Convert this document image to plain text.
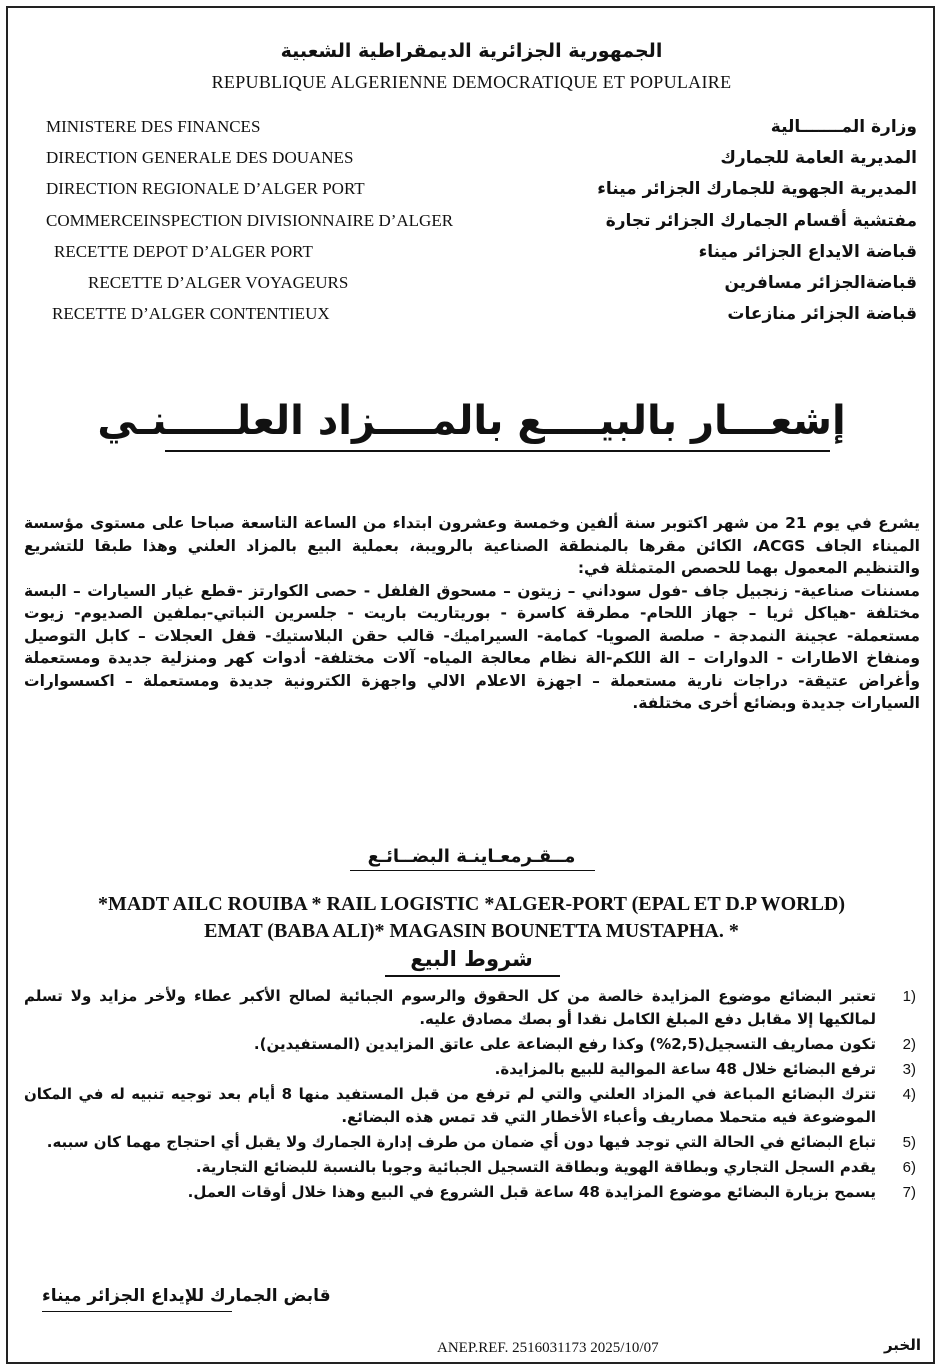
الجمهورية الجزائرية الديمقراطية الشعبية
REPUBLIQUE ALGERIENNE DEMOCRATIQUE ET POPULAIRE
MINISTERE DES FINANCES
DIRECTION GENERALE DES DOUANES
DIRECTION REGIONALE D’ALGER PORT
COMMERCEINSPECTION DIVISIONNAIRE D’ALGER
RECETTE DEPOT D’ALGER PORT
RECETTE D’ALGER VOYAGEURS
RECETTE D’ALGER CONTENTIEUX
وزارة المـــــــالية
المديرية العامة للجمارك
المديرية الجهوية للجمارك الجزائر ميناء
مفتشية أقسام الجمارك الجزائر تجارة
قباضة الايداع الجزائر ميناء
قباضةالجزائر مسافرين
قباضة الجزائر منازعات
إشعـــار بالبيــــع بالمــــزاد العلـــــنـي

يشرع في يوم 21 من شهر اكتوبر سنة ألفين وخمسة وعشرون ابتداء من الساعة التاسعة صباحا على مستوى مؤسسة الميناء الجاف ACGS، الكائن مقرها بالمنطقة الصناعية بالرويبة، بعملية البيع بالمزاد العلني وهذا طبقا للتشريع والتنظيم المعمول بهما للحصص المتمثلة في:

مسننات صناعية- زنجبيل جاف -فول سوداني – زيتون – مسحوق الفلفل - حصى الكوارتز -قطع غيار السيارات – البسة مختلفة -هياكل ثريا – جهاز اللحام- مطرقة كاسرة - بوريتاريت باريت - جلسرين النباتي-بملفين الصديوم- زيوت مستعملة- عجينة النمدجة - صلصة الصويا- كمامة- السيراميك- قالب حقن البلاستيك- قفل العجلات – كابل التوصيل ومنفاخ الاطارات - الدوارات – الة اللكم-الة نظام معالجة المياه- آلات مختلفة- أدوات كهر ومنزلية جديدة ومستعملة وأغراض عتيقة- دراجات نارية مستعملة – اجهزة الاعلام الالي واجهزة الكترونية جديدة ومستعملة – اكسسوارات السيارات جديدة وبضائع أخرى مختلفة.

مــقـرمعـاينـة البضــائـع
*MADT AILC ROUIBA * RAIL LOGISTIC *ALGER-PORT (EPAL ET D.P WORLD)
EMAT (BABA ALI)* MAGASIN BOUNETTA MUSTAPHA. *
شروط البيع
1)
تعتبر البضائع موضوع المزايدة خالصة من كل الحقوق والرسوم الجبائية لصالح الأكبر عطاء ولأخر مزايد ولا تسلم لمالكيها إلا مقابل دفع المبلغ الكامل نقدا أو بصك مصادق عليه.
2)
تكون مصاريف التسجيل(2,5%) وكذا رفع البضاعة على عاتق المزايدين (المستفيدين).
3)
ترفع البضائع خلال 48 ساعة الموالية للبيع بالمزايدة.
4)
تترك البضائع المباعة في المزاد العلني والتي لم ترفع من قبل المستفيد منها 8 أيام بعد توجيه تنبيه له في المكان الموضوعة فيه متحملا مصاريف وأعباء الأخطار التي قد تمس هذه البضائع.
5)
تباع البضائع في الحالة التي توجد فيها دون أي ضمان من طرف إدارة الجمارك ولا يقبل أي احتجاج مهما كان سببه.
6)
يقدم السجل التجاري وبطاقة الهوية وبطاقة التسجيل الجبائية وجوبا بالنسبة للبضائع التجارية.
7)
يسمح بزيارة البضائع موضوع المزايدة 48 ساعة قبل الشروع في البيع وهذا خلال أوقات العمل.
قابض الجمارك للإيداع الجزائر ميناء
ANEP.REF. 2516031173 2025/10/07	الخبر
